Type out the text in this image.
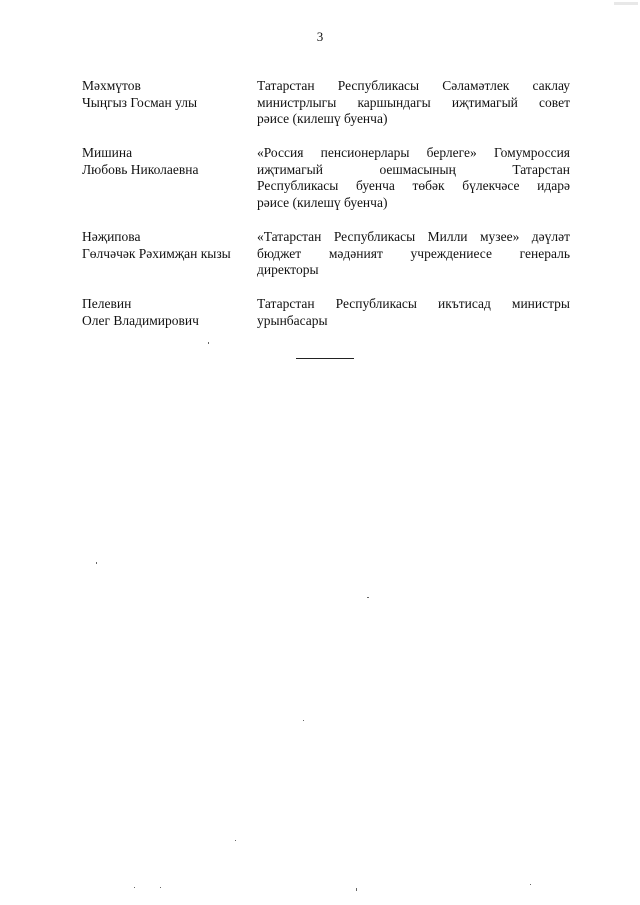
3
Мәхмүтов
Чыңгыз Госман улы
Татарстан Республикасы Сәламәтлек саклау
министрлыгы каршындагы иҗтимагый совет
рәисе (килешү буенча)
Мишина
Любовь Николаевна
«Россия пенсионерлары берлеге» Гомумроссия
иҗтимагый оешмасының Татарстан
Республикасы буенча төбәк бүлекчәсе идарә
рәисе (килешү буенча)
Нәҗипова
Гөлчәчәк Рәхимҗан кызы
«Татарстан Республикасы Милли музее» дәүләт
бюджет мәдәният учреждениесе генераль
директоры
Пелевин
Олег Владимирович
Татарстан Республикасы икътисад министры
урынбасары
